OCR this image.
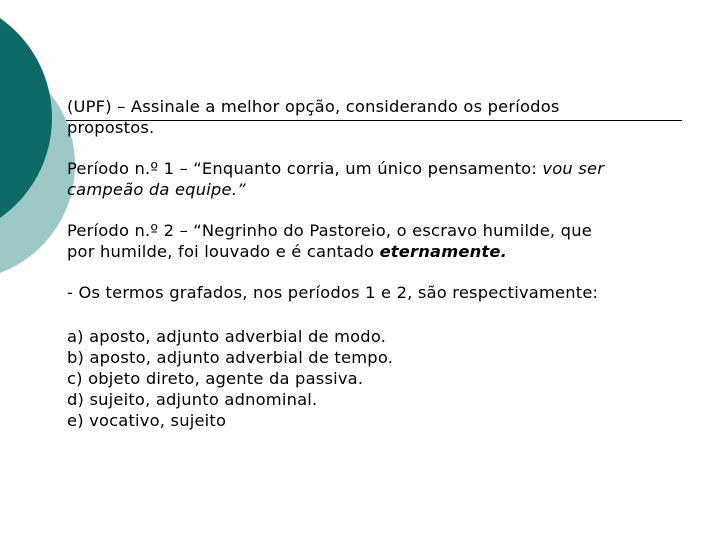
(UPF) – Assinale a melhor opção, considerando os períodos

propostos.

Período n.º 1 – “Enquanto corria, um único pensamento: vou ser
campeão da equipe.”

Período n.º 2 – “Negrinho do Pastoreio, o escravo humilde, que

por humilde, foi louvado e é cantado eternamente.

- Os termos grafados, nos períodos 1 e 2, são respectivamente:

a) aposto, adjunto adverbial de modo.

b) aposto, adjunto adverbial de tempo.

c) objeto direto, agente da passiva.

d) sujeito, adjunto adnominal.

e) vocativo, sujeito
